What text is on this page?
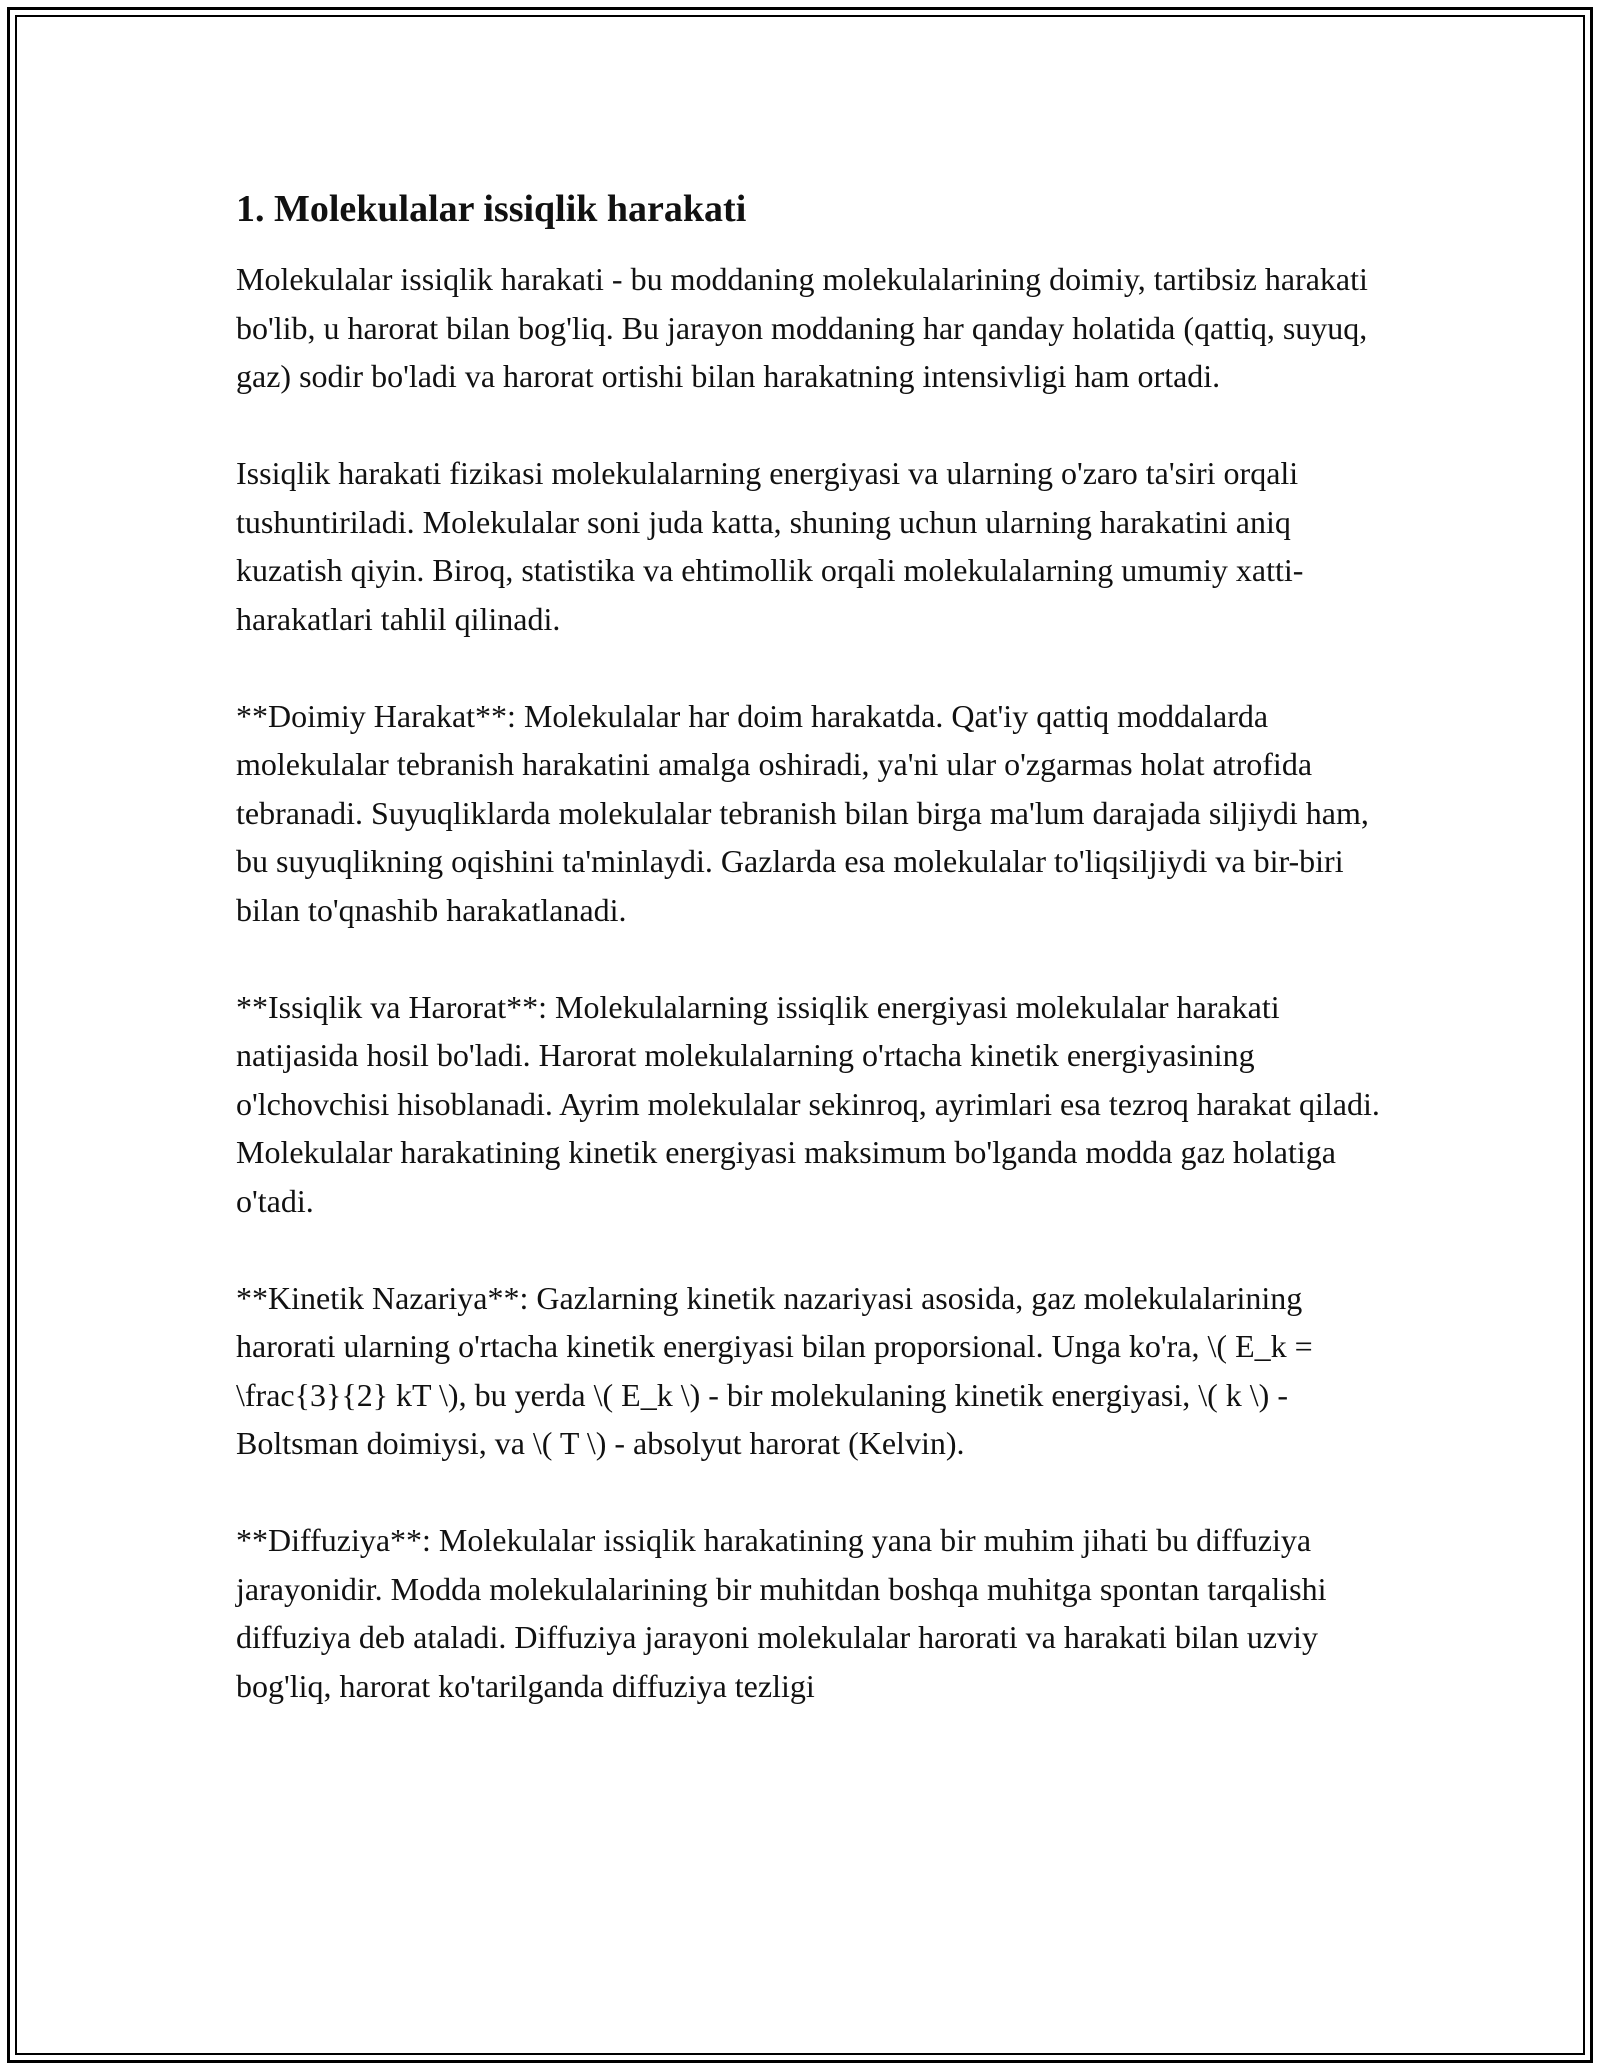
1. Molekulalar issiqlik harakati

Molekulalar issiqlik harakati - bu moddaning molekulalarining doimiy, tartibsiz harakati bo'lib, u harorat bilan bog'liq. Bu jarayon moddaning har qanday holatida (qattiq, suyuq, gaz) sodir bo'ladi va harorat ortishi bilan harakatning intensivligi ham ortadi.

Issiqlik harakati fizikasi molekulalarning energiyasi va ularning o'zaro ta'siri orqali tushuntiriladi. Molekulalar soni juda katta, shuning uchun ularning harakatini aniq kuzatish qiyin. Biroq, statistika va ehtimollik orqali molekulalarning umumiy xatti-harakatlari tahlil qilinadi.

**Doimiy Harakat**: Molekulalar har doim harakatda. Qat'iy qattiq moddalarda molekulalar tebranish harakatini amalga oshiradi, ya'ni ular o'zgarmas holat atrofida tebranadi. Suyuqliklarda molekulalar tebranish bilan birga ma'lum darajada siljiydi ham, bu suyuqlikning oqishini ta'minlaydi. Gazlarda esa molekulalar to'liqsiljiydi va bir-biri bilan to'qnashib harakatlanadi.

**Issiqlik va Harorat**: Molekulalarning issiqlik energiyasi molekulalar harakati natijasida hosil bo'ladi. Harorat molekulalarning o'rtacha kinetik energiyasining o'lchovchisi hisoblanadi. Ayrim molekulalar sekinroq, ayrimlari esa tezroq harakat qiladi. Molekulalar harakatining kinetik energiyasi maksimum bo'lganda modda gaz holatiga o'tadi.

**Kinetik Nazariya**: Gazlarning kinetik nazariyasi asosida, gaz molekulalarining harorati ularning o'rtacha kinetik energiyasi bilan proporsional. Unga ko'ra, \( E_k = \frac{3}{2} kT \), bu yerda \( E_k \) - bir molekulaning kinetik energiyasi, \( k \) - Boltsman doimiysi, va \( T \) - absolyut harorat (Kelvin).

**Diffuziya**: Molekulalar issiqlik harakatining yana bir muhim jihati bu diffuziya jarayonidir. Modda molekulalarining bir muhitdan boshqa muhitga spontan tarqalishi diffuziya deb ataladi. Diffuziya jarayoni molekulalar harorati va harakati bilan uzviy bog'liq, harorat ko'tarilganda diffuziya tezligi
